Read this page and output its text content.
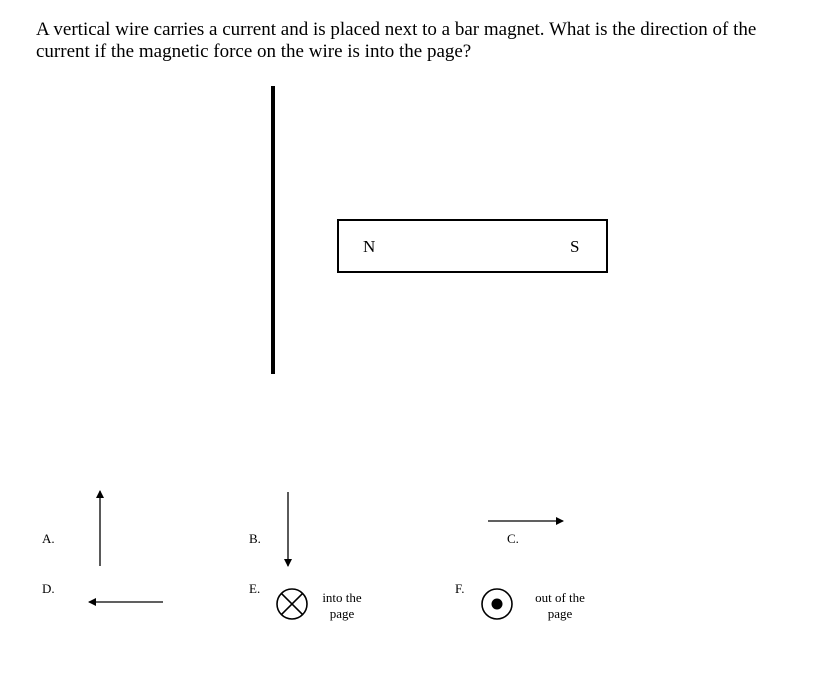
A vertical wire carries a current and is placed next to a bar magnet. What is the direction of the current if the magnetic force on the wire is into the page?

N	S
A.	B.	C.
D.	E.	F.
into the
page
out of the
page
